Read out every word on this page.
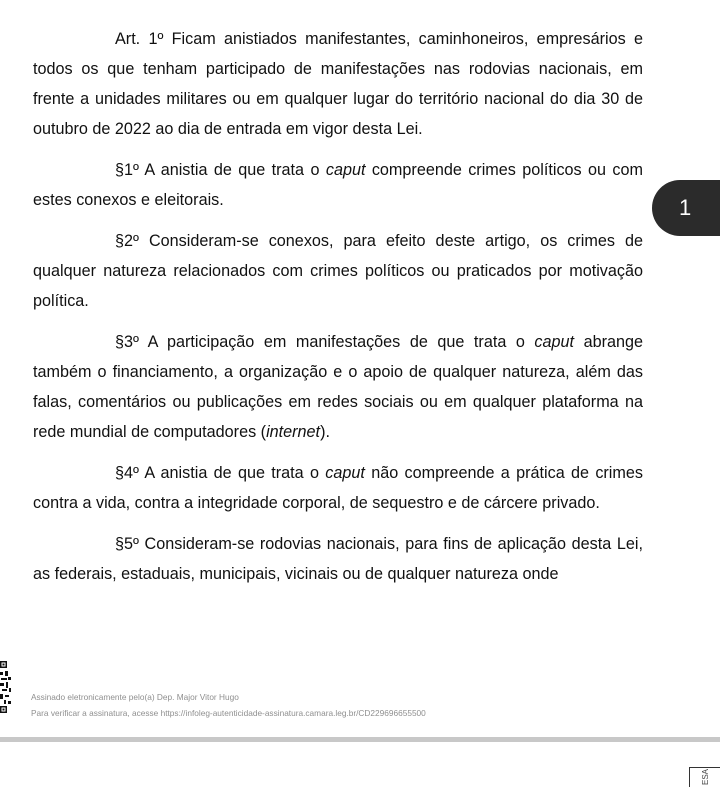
Art. 1º Ficam anistiados manifestantes, caminhoneiros, empresários e todos os que tenham participado de manifestações nas rodovias nacionais, em frente a unidades militares ou em qualquer lugar do território nacional do dia 30 de outubro de 2022 ao dia de entrada em vigor desta Lei.

§1º A anistia de que trata o caput compreende crimes políticos ou com estes conexos e eleitorais.

§2º Consideram-se conexos, para efeito deste artigo, os crimes de qualquer natureza relacionados com crimes políticos ou praticados por motivação política.

§3º A participação em manifestações de que trata o caput abrange também o financiamento, a organização e o apoio de qualquer natureza, além das falas, comentários ou publicações em redes sociais ou em qualquer plataforma na rede mundial de computadores (internet).

§4º A anistia de que trata o caput não compreende a prática de crimes contra a vida, contra a integridade corporal, de sequestro e de cárcere privado.

§5º Consideram-se rodovias nacionais, para fins de aplicação desta Lei, as federais, estaduais, municipais, vicinais ou de qualquer natureza onde

1
Assinado eletronicamente pelo(a) Dep. Major Vitor Hugo
Para verificar a assinatura, acesse https://infoleg-autenticidade-assinatura.camara.leg.br/CD229696655500
ESA
